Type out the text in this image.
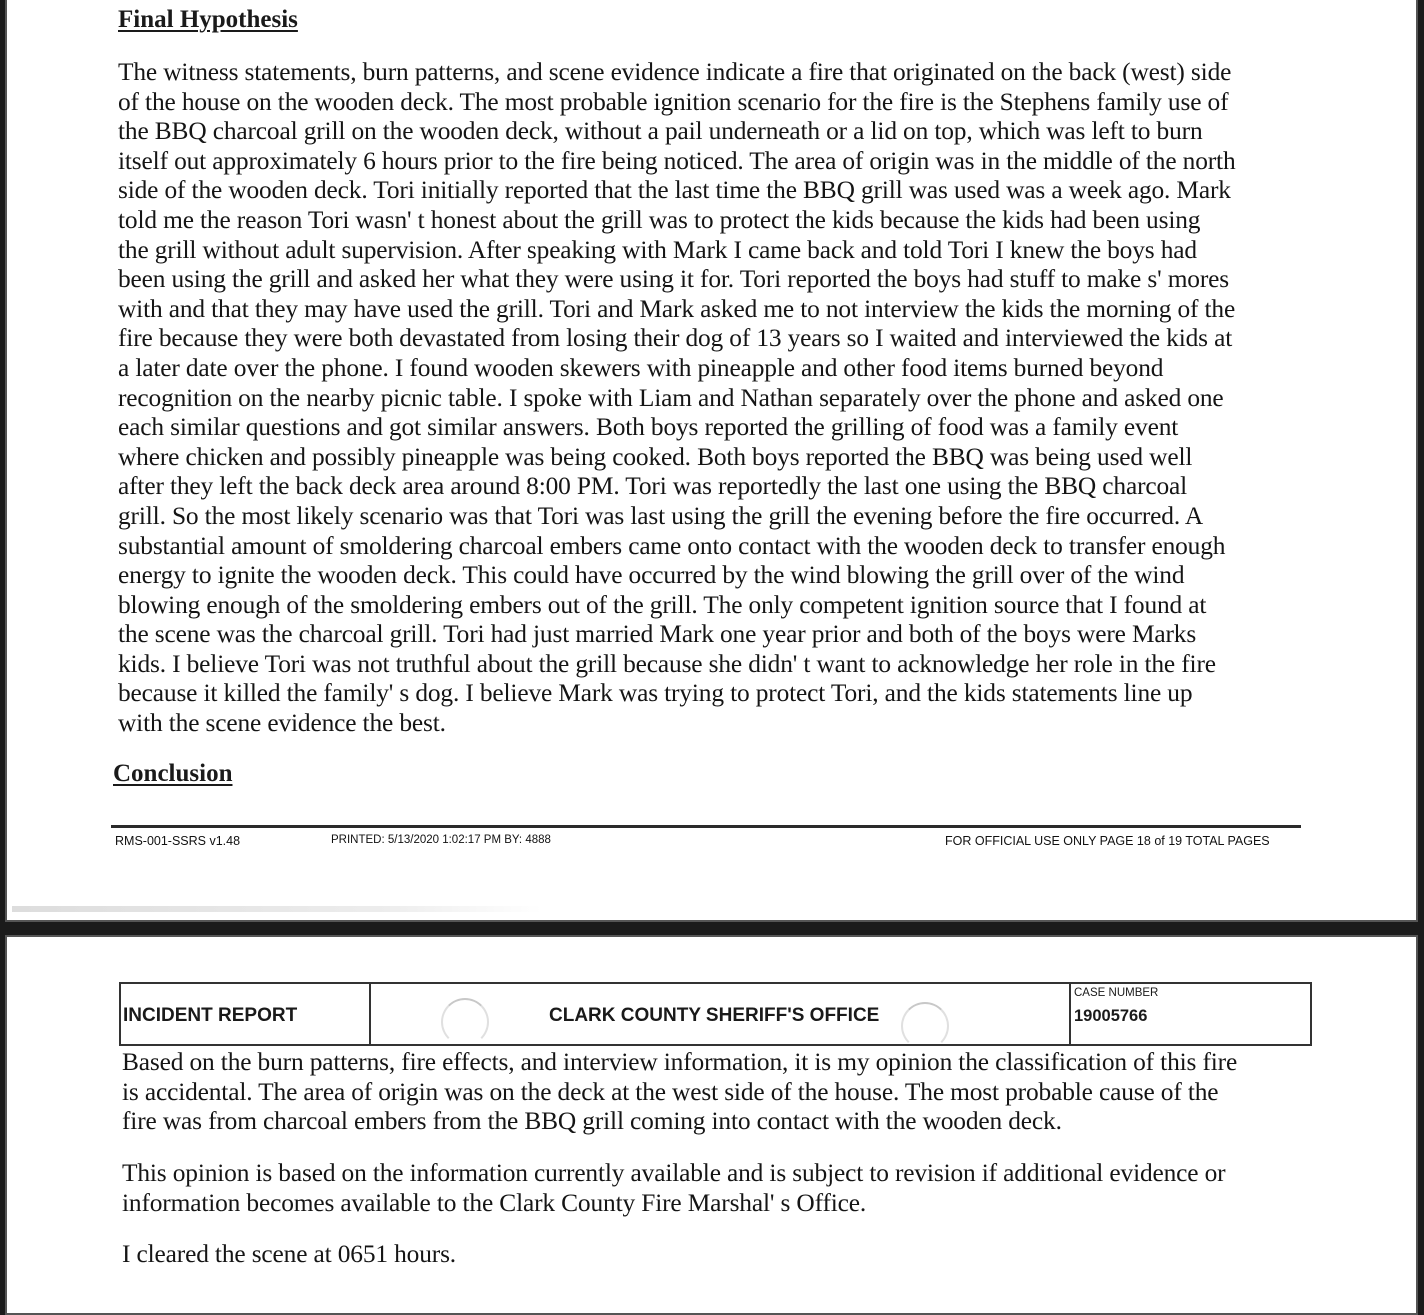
Final Hypothesis
The witness statements, burn patterns, and scene evidence indicate a fire that originated on the back (west) side
of the house on the wooden deck. The most probable ignition scenario for the fire is the Stephens family use of
the BBQ charcoal grill on the wooden deck, without a pail underneath or a lid on top, which was left to burn
itself out approximately 6 hours prior to the fire being noticed. The area of origin was in the middle of the north
side of the wooden deck. Tori initially reported that the last time the BBQ grill was used was a week ago. Mark
told me the reason Tori wasn' t honest about the grill was to protect the kids because the kids had been using
the grill without adult supervision. After speaking with Mark I came back and told Tori I knew the boys had
been using the grill and asked her what they were using it for. Tori reported the boys had stuff to make s' mores
with and that they may have used the grill. Tori and Mark asked me to not interview the kids the morning of the
fire because they were both devastated from losing their dog of 13 years so I waited and interviewed the kids at
a later date over the phone. I found wooden skewers with pineapple and other food items burned beyond
recognition on the nearby picnic table. I spoke with Liam and Nathan separately over the phone and asked one
each similar questions and got similar answers. Both boys reported the grilling of food was a family event
where chicken and possibly pineapple was being cooked. Both boys reported the BBQ was being used well
after they left the back deck area around 8:00 PM. Tori was reportedly the last one using the BBQ charcoal
grill. So the most likely scenario was that Tori was last using the grill the evening before the fire occurred. A
substantial amount of smoldering charcoal embers came onto contact with the wooden deck to transfer enough
energy to ignite the wooden deck. This could have occurred by the wind blowing the grill over of the wind
blowing enough of the smoldering embers out of the grill. The only competent ignition source that I found at
the scene was the charcoal grill. Tori had just married Mark one year prior and both of the boys were Marks
kids. I believe Tori was not truthful about the grill because she didn' t want to acknowledge her role in the fire
because it killed the family' s dog. I believe Mark was trying to protect Tori, and the kids statements line up
with the scene evidence the best.
Conclusion
RMS-001-SSRS v1.48	PRINTED: 5/13/2020 1:02:17 PM BY: 4888	FOR OFFICIAL USE ONLY PAGE 18 of 19 TOTAL PAGES
INCIDENT REPORT	CLARK COUNTY SHERIFF'S OFFICE
CASE NUMBER
19005766
Based on the burn patterns, fire effects, and interview information, it is my opinion the classification of this fire
is accidental. The area of origin was on the deck at the west side of the house. The most probable cause of the
fire was from charcoal embers from the BBQ grill coming into contact with the wooden deck.
This opinion is based on the information currently available and is subject to revision if additional evidence or
information becomes available to the Clark County Fire Marshal' s Office.
I cleared the scene at 0651 hours.
